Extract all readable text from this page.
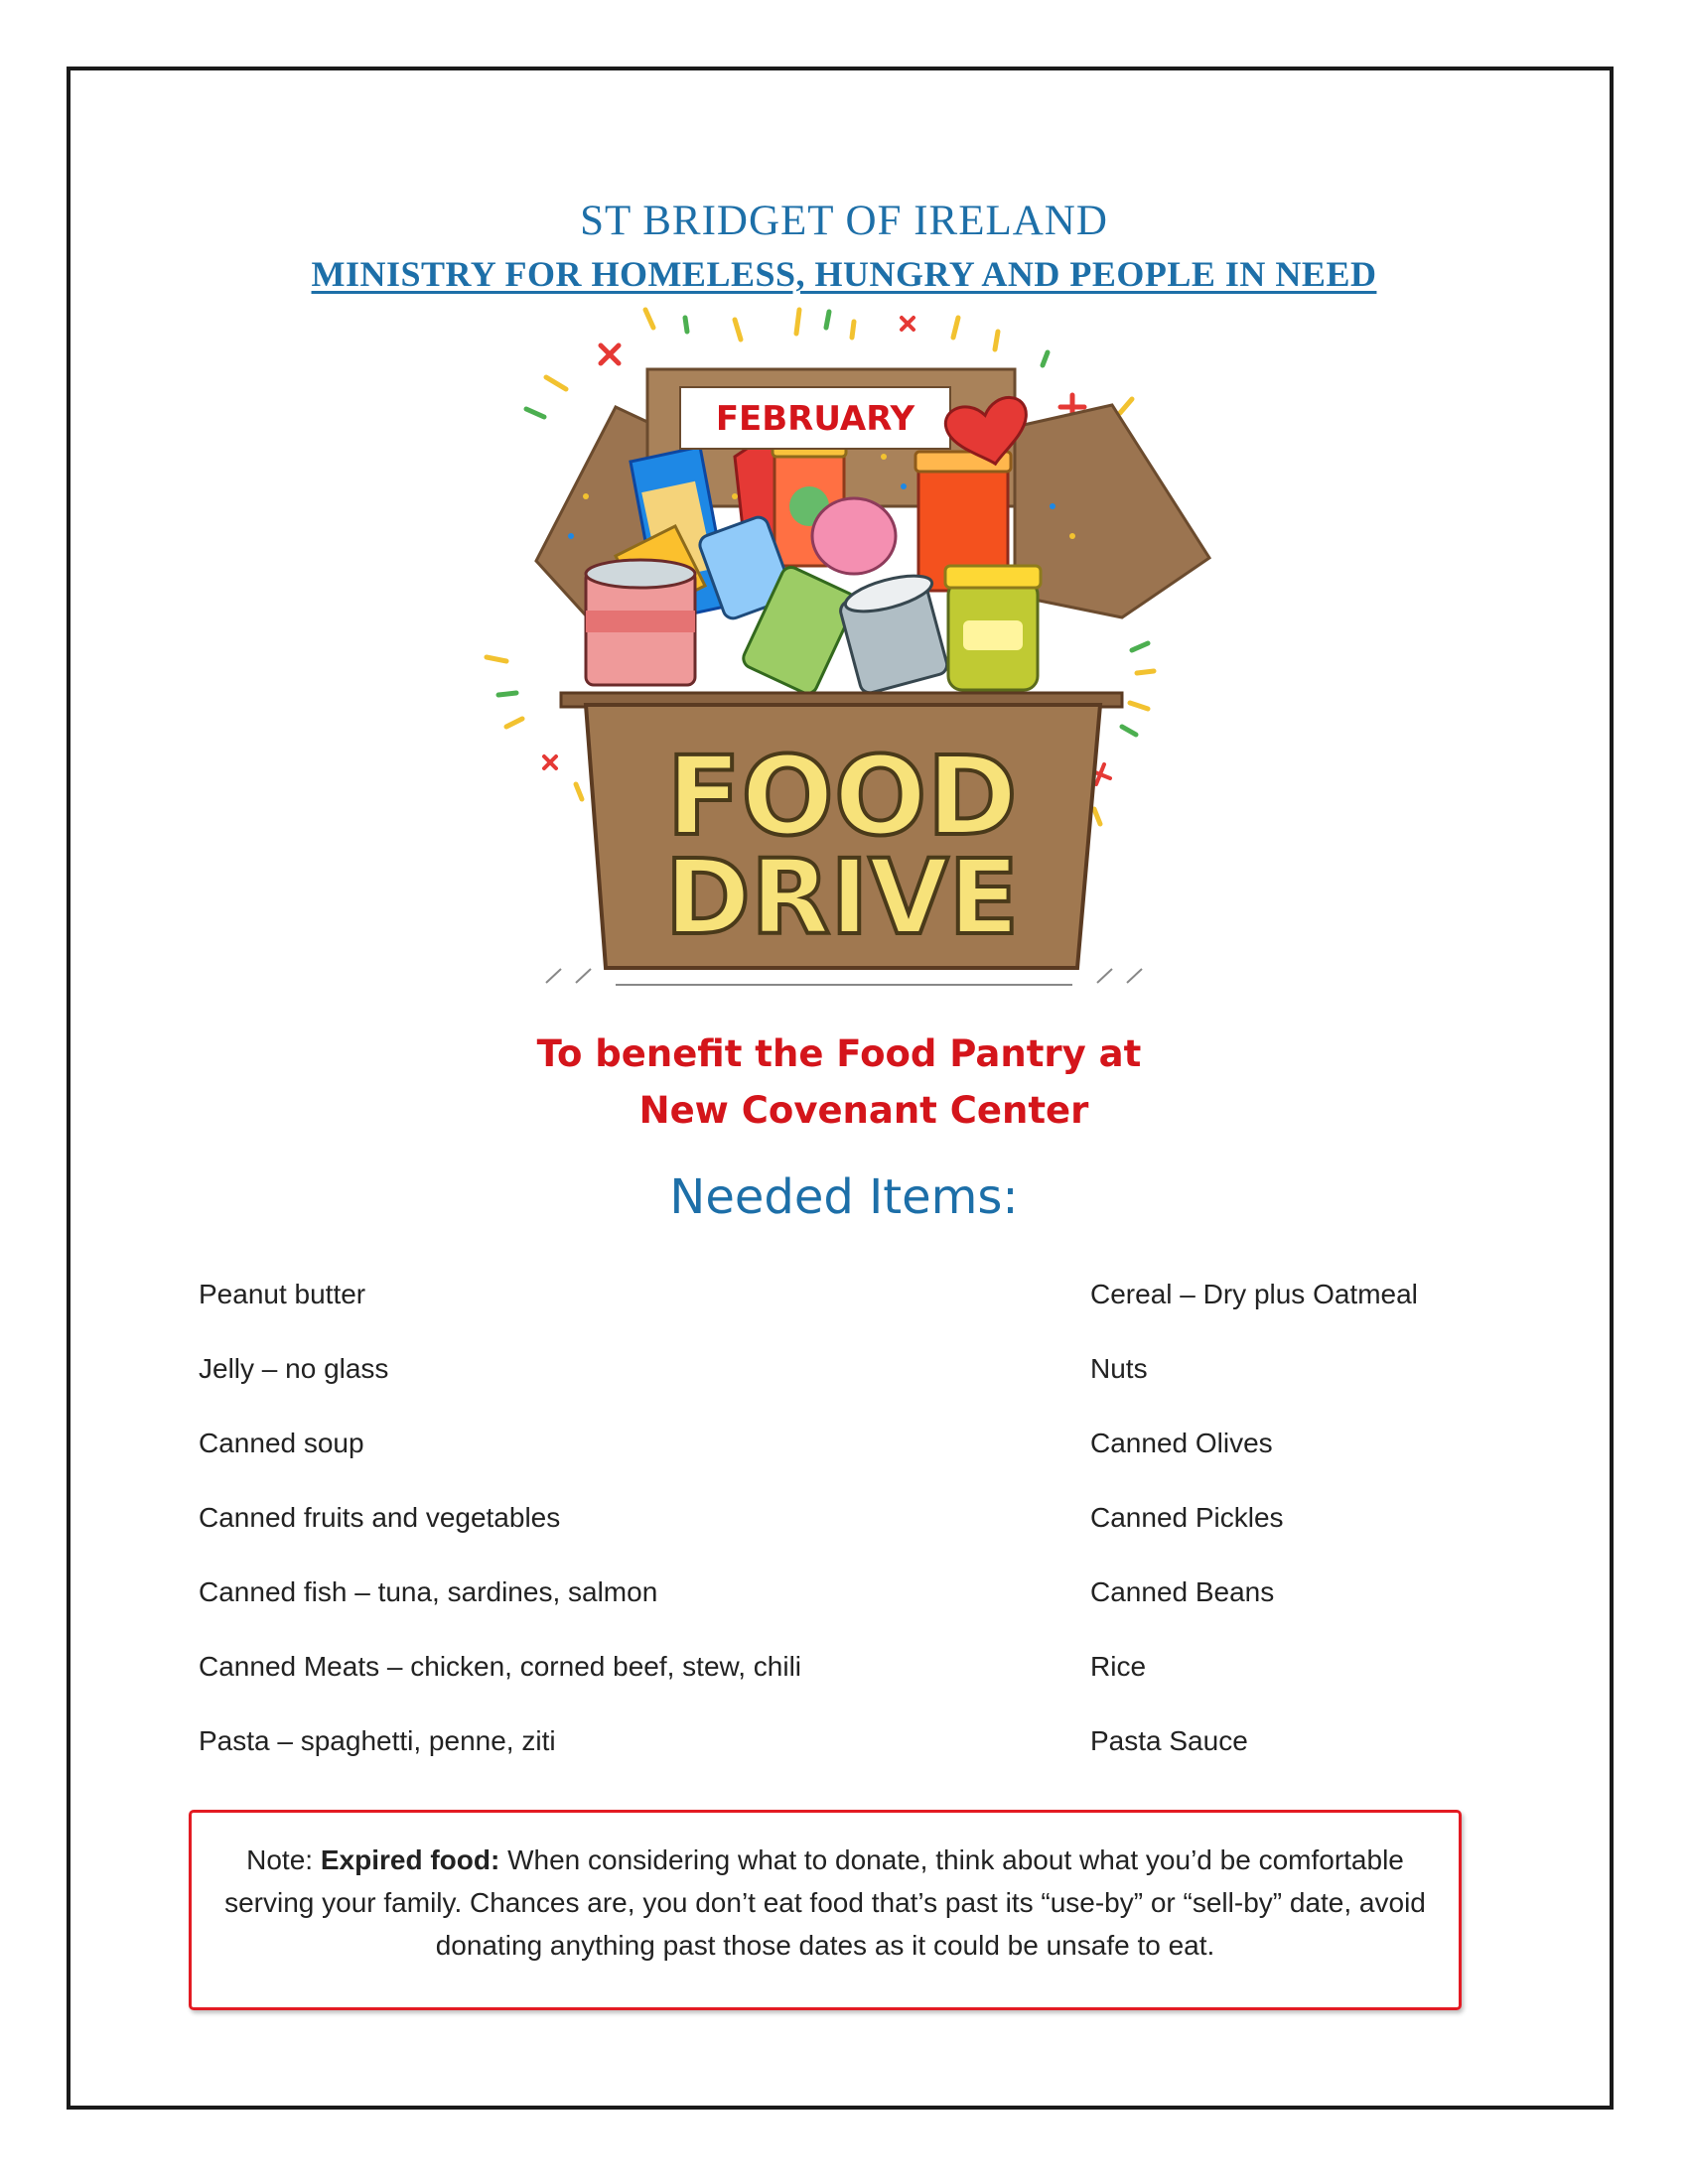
ST BRIDGET OF IRELAND
MINISTRY FOR HOMELESS, HUNGRY AND PEOPLE IN NEED
FEBRUARY
FOOD
DRIVE
To benefit the Food Pantry at
New Covenant Center
Needed Items:
Peanut butter
Jelly – no glass
Canned soup
Canned fruits and vegetables
Canned fish – tuna, sardines, salmon
Canned Meats – chicken, corned beef, stew, chili
Pasta – spaghetti, penne, ziti
Cereal – Dry plus Oatmeal
Nuts
Canned Olives
Canned Pickles
Canned Beans
Rice
Pasta Sauce

Note: Expired food: When considering what to donate, think about what you’d be comfortable serving your family. Chances are, you don’t eat food that’s past its “use-by” or “sell-by” date, avoid donating anything past those dates as it could be unsafe to eat.
